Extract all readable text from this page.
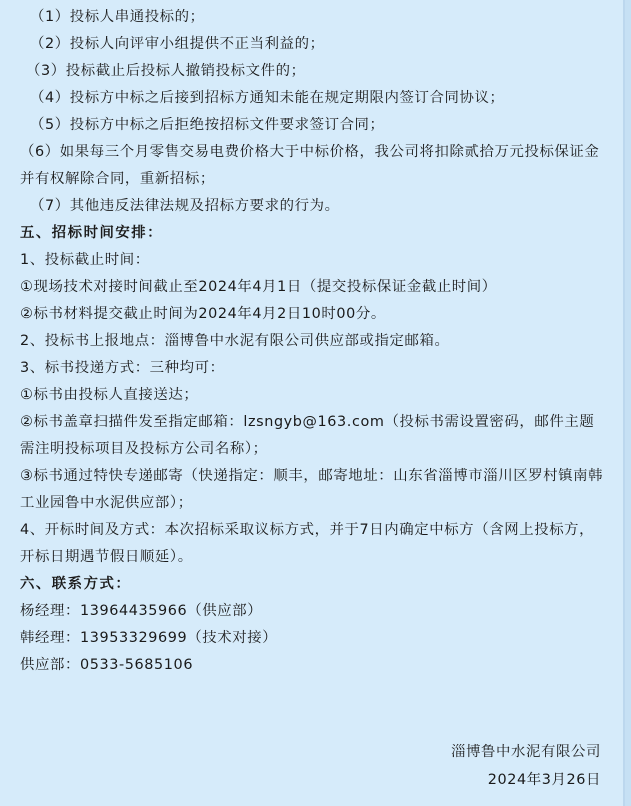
（1）投标人串通投标的；
（2）投标人向评审小组提供不正当利益的；
（3）投标截止后投标人撤销投标文件的；
（4）投标方中标之后接到招标方通知未能在规定期限内签订合同协议；
（5）投标方中标之后拒绝按招标文件要求签订合同；
（6）如果每三个月零售交易电费价格大于中标价格，我公司将扣除贰拾万元投标保证金并有权解除合同，重新招标；
（7）其他违反法律法规及招标方要求的行为。
五、招标时间安排：
1、投标截止时间：
①现场技术对接时间截止至2024年4月1日（提交投标保证金截止时间）
②标书材料提交截止时间为2024年4月2日10时00分。
2、投标书上报地点：淄博鲁中水泥有限公司供应部或指定邮箱。
3、标书投递方式：三种均可：
①标书由投标人直接送达；
②标书盖章扫描件发至指定邮箱：lzsngyb@163.com（投标书需设置密码，邮件主题需注明投标项目及投标方公司名称）；
③标书通过特快专递邮寄（快递指定：顺丰，邮寄地址：山东省淄博市淄川区罗村镇南韩工业园鲁中水泥供应部）；
4、开标时间及方式：本次招标采取议标方式，并于7日内确定中标方（含网上投标方，开标日期遇节假日顺延）。
六、联系方式：
杨经理：13964435966（供应部）
韩经理：13953329699（技术对接）
供应部：0533-5685106
淄博鲁中水泥有限公司
2024年3月26日
